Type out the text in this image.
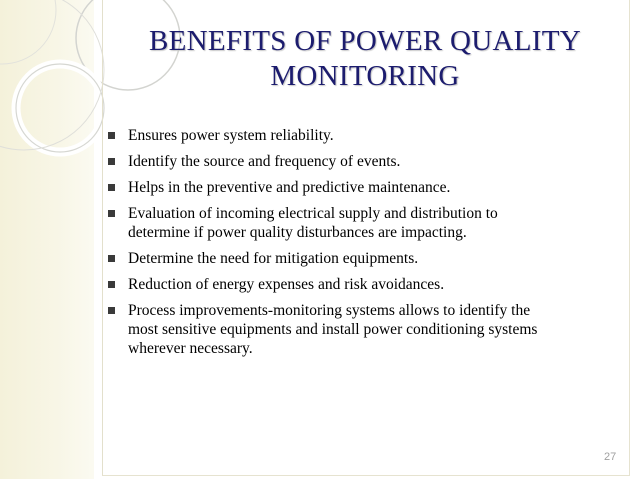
BENEFITS OF POWER QUALITY
MONITORING
Ensures power system reliability.
Identify the source and frequency of events.
Helps in the preventive and predictive maintenance.
Evaluation of incoming electrical supply and distribution to
determine if power quality disturbances are impacting.
Determine the need for mitigation equipments.
Reduction of energy expenses and risk avoidances.
Process improvements-monitoring systems allows to identify the
most sensitive equipments and install power conditioning systems
wherever necessary.
27
